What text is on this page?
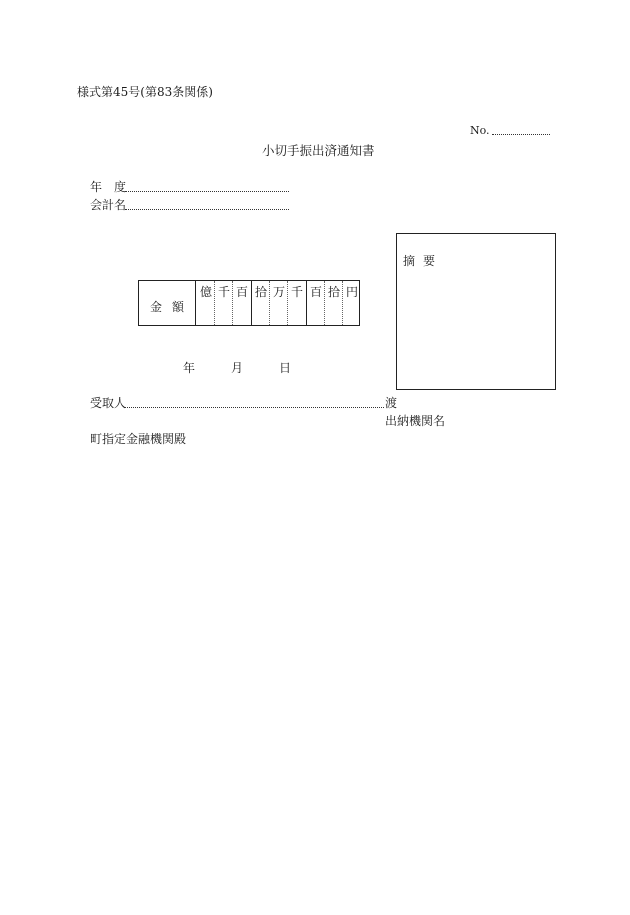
様式第45号(第83条関係)
No.
小切手振出済通知書
年　度
会計名
金額
億 千 百 拾 万 千 百 拾 円
摘要
年	月	日
受取人	渡
出納機関名
町指定金融機関殿
